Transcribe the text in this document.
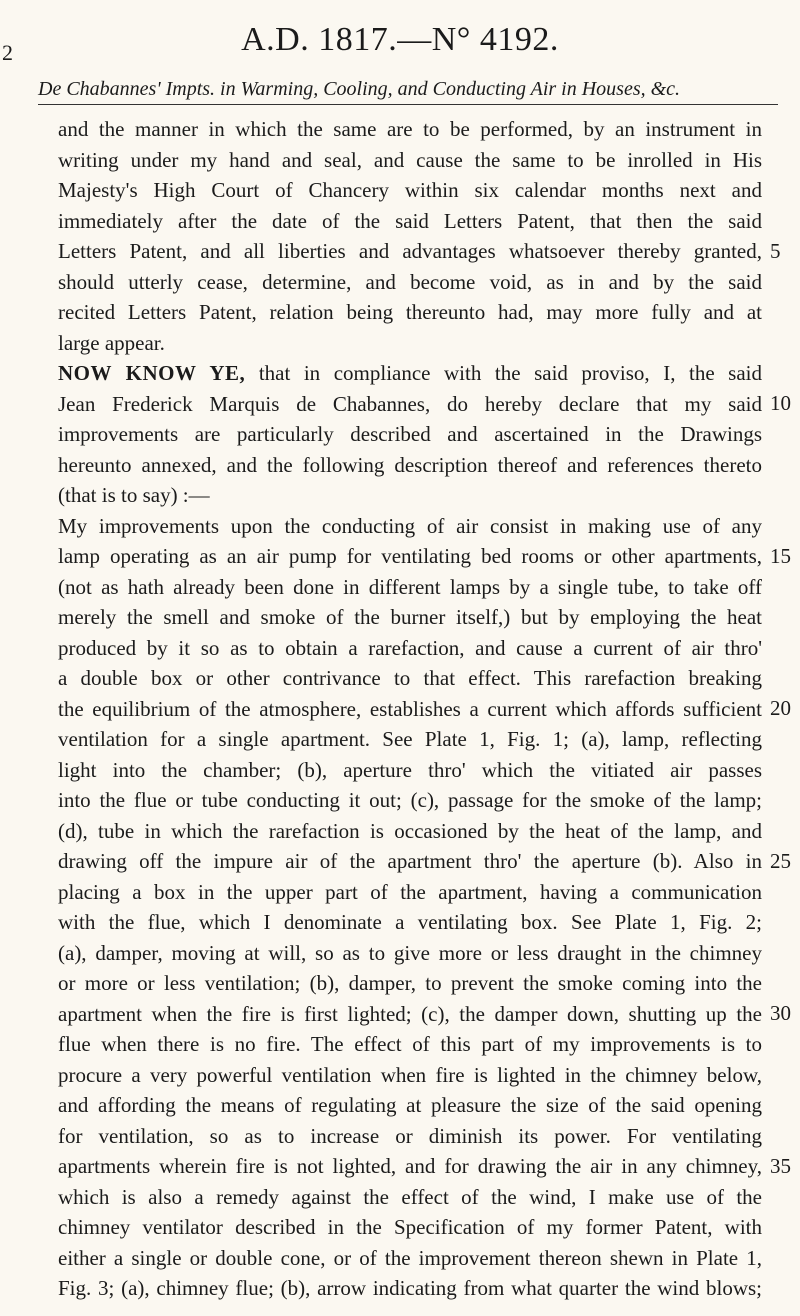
2	A.D. 1817.—N° 4192.
De Chabannes' Impts. in Warming, Cooling, and Conducting Air in Houses, &c.
and the manner in which the same are to be performed, by an instrument in
writing under my hand and seal, and cause the same to be inrolled in His
Majesty's High Court of Chancery within six calendar months next and
immediately after the date of the said Letters Patent, that then the said
Letters Patent, and all liberties and advantages whatsoever thereby granted,
should utterly cease, determine, and become void, as in and by the said
recited Letters Patent, relation being thereunto had, may more fully and at
large appear.
NOW KNOW YE, that in compliance with the said proviso, I, the said
Jean Frederick Marquis de Chabannes, do hereby declare that my said
improvements are particularly described and ascertained in the Drawings
hereunto annexed, and the following description thereof and references thereto
(that is to say) :—
My improvements upon the conducting of air consist in making use of any
lamp operating as an air pump for ventilating bed rooms or other apartments,
(not as hath already been done in different lamps by a single tube, to take off
merely the smell and smoke of the burner itself,) but by employing the heat
produced by it so as to obtain a rarefaction, and cause a current of air thro'
a double box or other contrivance to that effect. This rarefaction breaking
the equilibrium of the atmosphere, establishes a current which affords sufficient
ventilation for a single apartment. See Plate 1, Fig. 1; (a), lamp, reflecting
light into the chamber; (b), aperture thro' which the vitiated air passes
into the flue or tube conducting it out; (c), passage for the smoke of the lamp;
(d), tube in which the rarefaction is occasioned by the heat of the lamp, and
drawing off the impure air of the apartment thro' the aperture (b). Also in
placing a box in the upper part of the apartment, having a communication
with the flue, which I denominate a ventilating box. See Plate 1, Fig. 2;
(a), damper, moving at will, so as to give more or less draught in the chimney
or more or less ventilation; (b), damper, to prevent the smoke coming into the
apartment when the fire is first lighted; (c), the damper down, shutting up the
flue when there is no fire. The effect of this part of my improvements is to
procure a very powerful ventilation when fire is lighted in the chimney below,
and affording the means of regulating at pleasure the size of the said opening
for ventilation, so as to increase or diminish its power. For ventilating
apartments wherein fire is not lighted, and for drawing the air in any chimney,
which is also a remedy against the effect of the wind, I make use of the
chimney ventilator described in the Specification of my former Patent, with
either a single or double cone, or of the improvement thereon shewn in Plate 1,
Fig. 3; (a), chimney flue; (b), arrow indicating from what quarter the wind blows;
5
10
15
20
25
30
35
